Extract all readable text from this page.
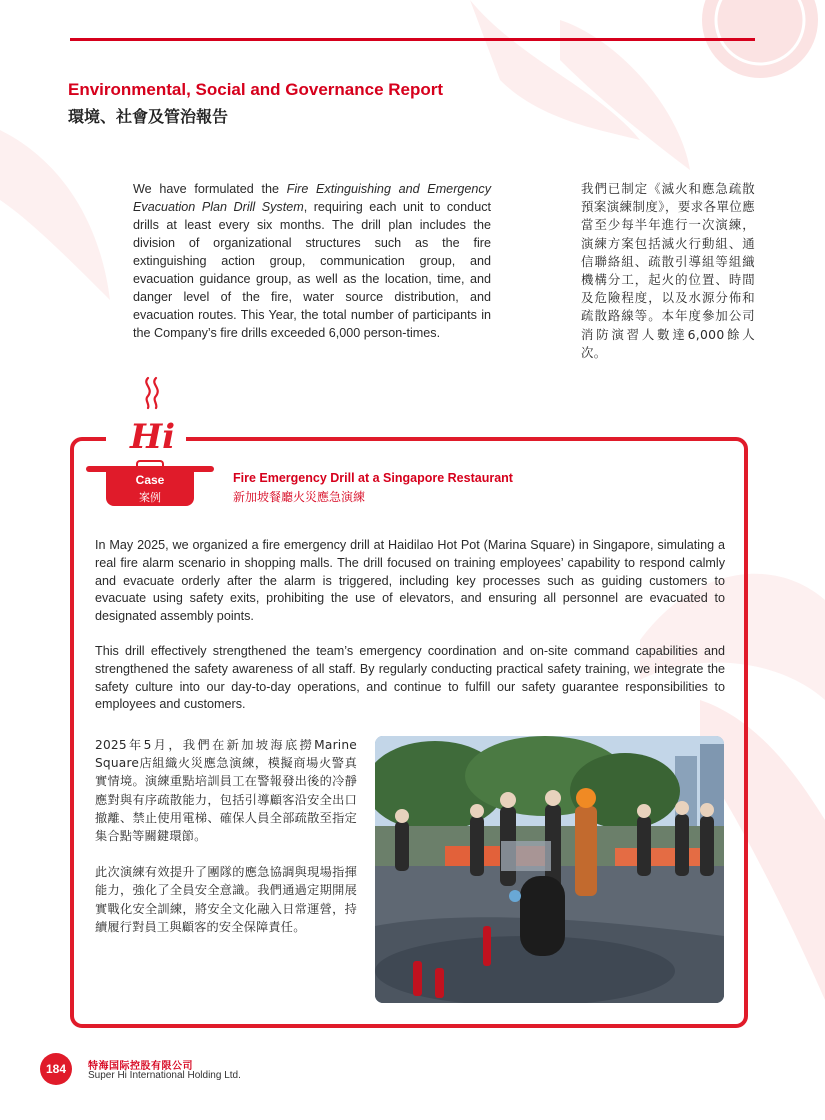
Environmental, Social and Governance Report
環境、社會及管治報告

We have formulated the Fire Extinguishing and Emergency Evacuation Plan Drill System, requiring each unit to conduct drills at least every six months. The drill plan includes the division of organizational structures such as the fire extinguishing action group, communication group, and evacuation guidance group, as well as the location, time, and danger level of the fire, water source distribution, and evacuation routes. This Year, the total number of participants in the Company’s fire drills exceeded 6,000 person-times.

我們已制定《滅火和應急疏散預案演練制度》，要求各單位應當至少每半年進行一次演練，演練方案包括滅火行動組、通信聯絡組、疏散引導組等組織機構分工，起火的位置、時間及危險程度，以及水源分佈和疏散路線等。本年度參加公司消防演習人數達6,000餘人次。
Hi
Case
案例
Fire Emergency Drill at a Singapore Restaurant
新加坡餐廳火災應急演練

In May 2025, we organized a fire emergency drill at Haidilao Hot Pot (Marina Square) in Singapore, simulating a real fire alarm scenario in shopping malls. The drill focused on training employees’ capability to respond calmly and evacuate orderly after the alarm is triggered, including key processes such as guiding customers to evacuate using safety exits, prohibiting the use of elevators, and ensuring all personnel are evacuated to designated assembly points.

This drill effectively strengthened the team’s emergency coordination and on-site command capabilities and strengthened the safety awareness of all staff. By regularly conducting practical safety training, we integrate the safety culture into our day-to-day operations, and continue to fulfill our safety guarantee responsibilities to employees and customers.

2025年5月，我們在新加坡海底撈Marine Square店組織火災應急演練，模擬商場火警真實情境。演練重點培訓員工在警報發出後的冷靜應對與有序疏散能力，包括引導顧客沿安全出口撤離、禁止使用電梯、確保人員全部疏散至指定集合點等關鍵環節。

此次演練有效提升了團隊的應急協調與現場指揮能力，強化了全員安全意識。我們通過定期開展實戰化安全訓練，將安全文化融入日常運營，持續履行對員工與顧客的安全保障責任。

184	特海国际控股有限公司
Super Hi International Holding Ltd.
